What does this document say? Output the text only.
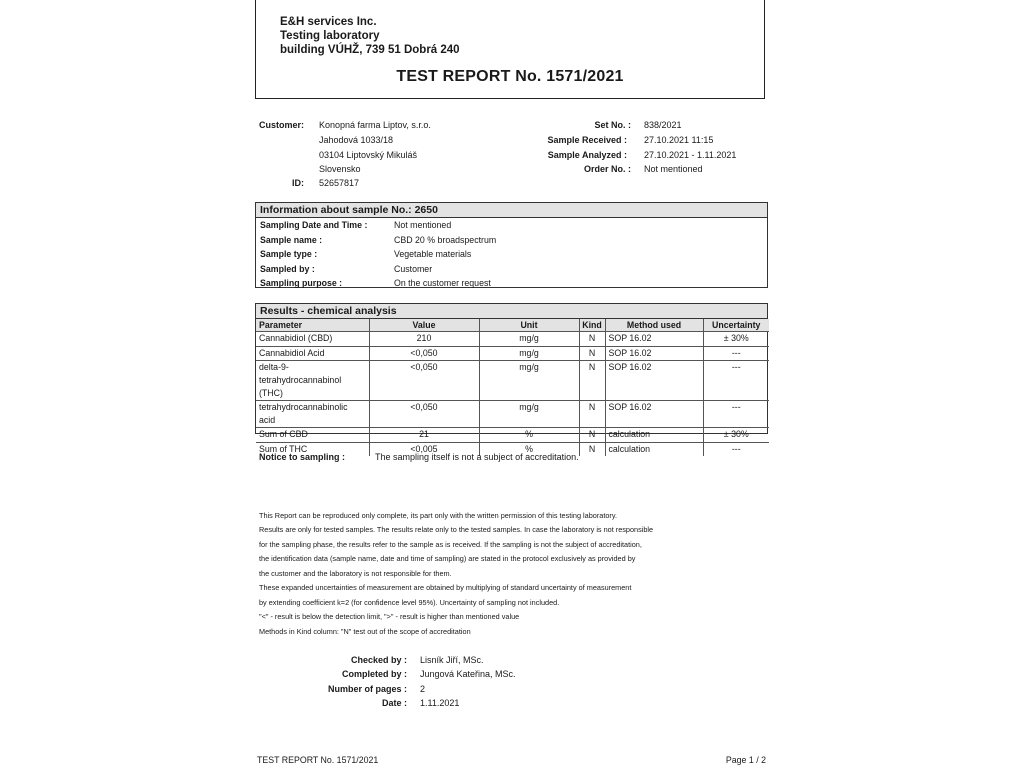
E&H services Inc.
Testing laboratory
building VÚHŽ, 739 51 Dobrá 240
TEST REPORT No. 1571/2021
Customer: Konopná farma Liptov, s.r.o.
Jahodová 1033/18
03104 Liptovský Mikuláš
Slovensko
ID: 52657817
Set No. : 838/2021
Sample Received : 27.10.2021 11:15
Sample Analyzed : 27.10.2021 - 1.11.2021
Order No. : Not mentioned
Information about sample No.: 2650
Sampling Date and Time :	Not mentioned
Sample name :	CBD 20 % broadspectrum
Sample type :	Vegetable materials
Sampled by :	Customer
Sampling purpose :	On the customer request
Results - chemical analysis
Parameter	Value	Unit	Kind	Method used	Uncertainty
Cannabidiol (CBD)	210	mg/g	N	SOP 16.02	± 30%
Cannabidiol Acid	<0,050	mg/g	N	SOP 16.02	---

delta-9-tetrahydrocannabinol
(THC)	<0,050	mg/g	N	SOP 16.02	---
tetrahydrocannabinolic acid	<0,050	mg/g	N	SOP 16.02	---
Sum of CBD	21	%	N	calculation	± 30%
Sum of THC	<0,005	%	N	calculation	---
Notice to sampling :	The sampling itself is not a subject of accreditation.
This Report can be reproduced only complete, its part only with the written permission of this testing laboratory.
Results are only for tested samples. The results relate only to the tested samples. In case the laboratory is not responsible
for the sampling phase, the results refer to the sample as is received. If the sampling is not the subject of accreditation,
the identification data (sample name, date and time of sampling) are stated in the protocol exclusively as provided by
the customer and the laboratory is not responsible for them.
These expanded uncertainties of measurement are obtained by multiplying of standard uncertainty of measurement
by extending coefficient k=2 (for confidence level 95%). Uncertainty of sampling not included.
"<" - result is below the detection limit, ">" - result is higher than mentioned value
Methods in Kind column: "N" test out of the scope of accreditation
Checked by : Lisník Jiří, MSc.
Completed by : Jungová Kateřina, MSc.
Number of pages : 2
Date : 1.11.2021
TEST REPORT No. 1571/2021	Page 1 / 2
